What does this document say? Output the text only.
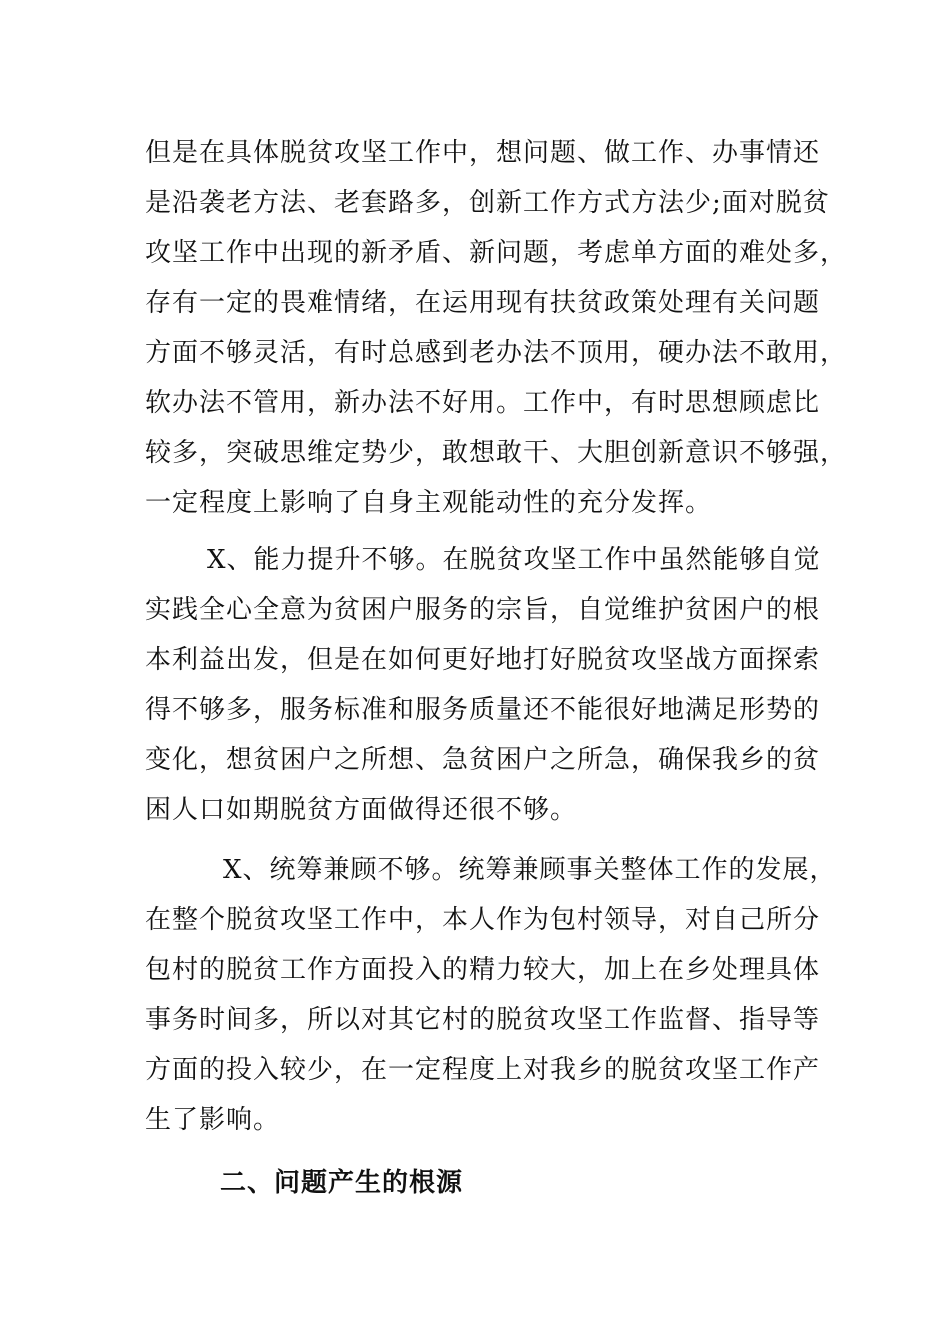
但是在具体脱贫攻坚工作中，想问题、做工作、办事情还
是沿袭老方法、老套路多，创新工作方式方法少;面对脱贫
攻坚工作中出现的新矛盾、新问题，考虑单方面的难处多，
存有一定的畏难情绪，在运用现有扶贫政策处理有关问题
方面不够灵活，有时总感到老办法不顶用，硬办法不敢用，
软办法不管用，新办法不好用。工作中，有时思想顾虑比
较多，突破思维定势少，敢想敢干、大胆创新意识不够强，
一定程度上影响了自身主观能动性的充分发挥。
X、能力提升不够。在脱贫攻坚工作中虽然能够自觉
实践全心全意为贫困户服务的宗旨，自觉维护贫困户的根
本利益出发，但是在如何更好地打好脱贫攻坚战方面探索
得不够多，服务标准和服务质量还不能很好地满足形势的
变化，想贫困户之所想、急贫困户之所急，确保我乡的贫
困人口如期脱贫方面做得还很不够。
X、统筹兼顾不够。统筹兼顾事关整体工作的发展，
在整个脱贫攻坚工作中，本人作为包村领导，对自己所分
包村的脱贫工作方面投入的精力较大，加上在乡处理具体
事务时间多，所以对其它村的脱贫攻坚工作监督、指导等
方面的投入较少，在一定程度上对我乡的脱贫攻坚工作产
生了影响。
二、问题产生的根源
